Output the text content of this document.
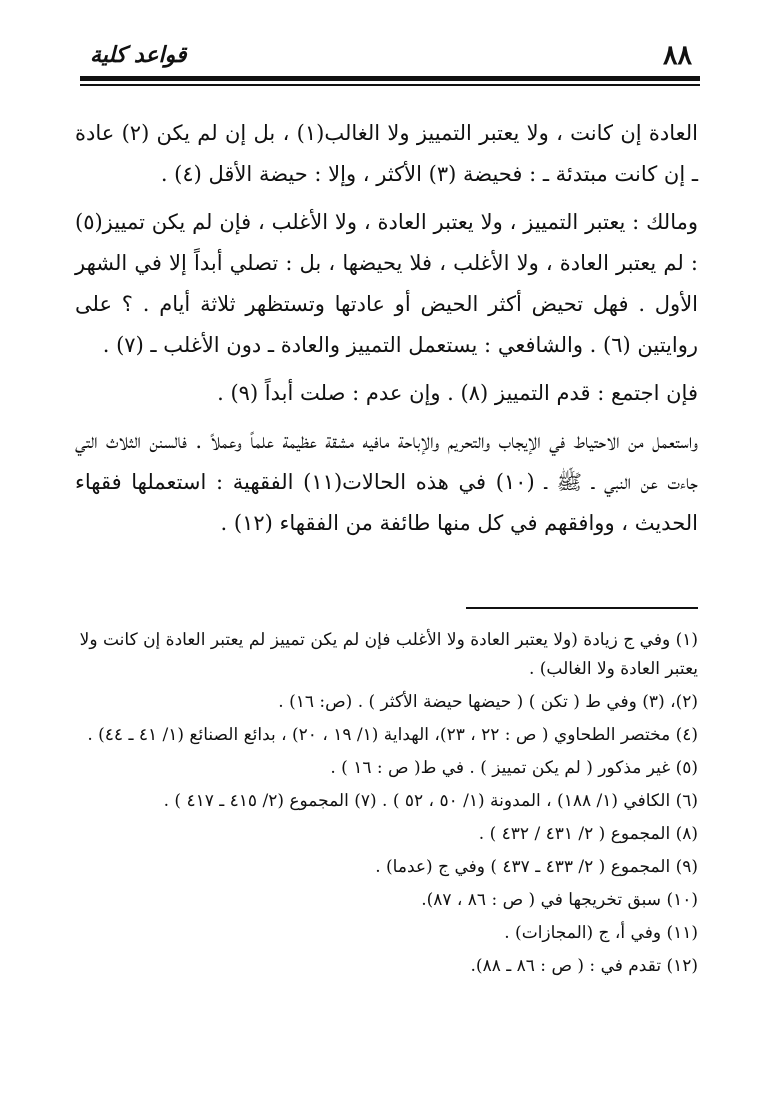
٨٨
قواعد كلية

العادة إن كانت ، ولا يعتبر التمييز ولا الغالب(١) ، بل إن لم يكن (٢) عادة ـ إن كانت مبتدئة ـ : فحيضة (٣) الأكثر ، وإلا : حيضة الأقل (٤) .

ومالك : يعتبر التمييز ، ولا يعتبر العادة ، ولا الأغلب ، فإن لم يكن تمييز(٥) : لم يعتبر العادة ، ولا الأغلب ، فلا يحيضها ، بل : تصلي أبداً إلا في الشهر الأول . فهل تحيض أكثر الحيض أو عادتها وتستظهر ثلاثة أيام . ؟ على روايتين (٦) . والشافعي : يستعمل التمييز والعادة ـ دون الأغلب ـ (٧) .

فإن اجتمع : قدم التمييز (٨) . وإن عدم : صلت أبداً (٩) .

واستعمل من الاحتياط في الإيجاب والتحريم والإباحة مافيه مشقة عظيمة علماً وعملاً . فالسنن الثلاث التي جاءت عن النبي ـ ﷺ ـ (١٠) في هذه الحالات(١١) الفقهية : استعملها فقهاء الحديث ، ووافقهم في كل منها طائفة من الفقهاء (١٢) .

(١) وفي ج زيادة (ولا يعتبر العادة ولا الأغلب فإن لم يكن تمييز لم يعتبر العادة إن كانت ولا يعتبر العادة ولا الغالب) .

(٢)، (٣) وفي ط ( تكن ) ( حيضها حيضة الأكثر ) . (ص: ١٦) .

(٤) مختصر الطحاوي ( ص : ٢٢ ، ٢٣)، الهداية (١/ ١٩ ، ٢٠) ، بدائع الصنائع (١/ ٤١ ـ ٤٤) .

(٥) غير مذكور ( لم يكن تمييز ) . في ط( ص : ١٦ ) .

(٦) الكافي (١/ ١٨٨) ، المدونة (١/ ٥٠ ، ٥٢ ) . (٧) المجموع (٢/ ٤١٥ ـ ٤١٧ ) .

(٨) المجموع ( ٢/ ٤٣١ / ٤٣٢ ) .

(٩) المجموع ( ٢/ ٤٣٣ ـ ٤٣٧ ) وفي ج (عدما) .

(١٠) سبق تخريجها في ( ص : ٨٦ ، ٨٧).

(١١) وفي أ، ج (المجازات) .

(١٢) تقدم في : ( ص : ٨٦ ـ ٨٨).
